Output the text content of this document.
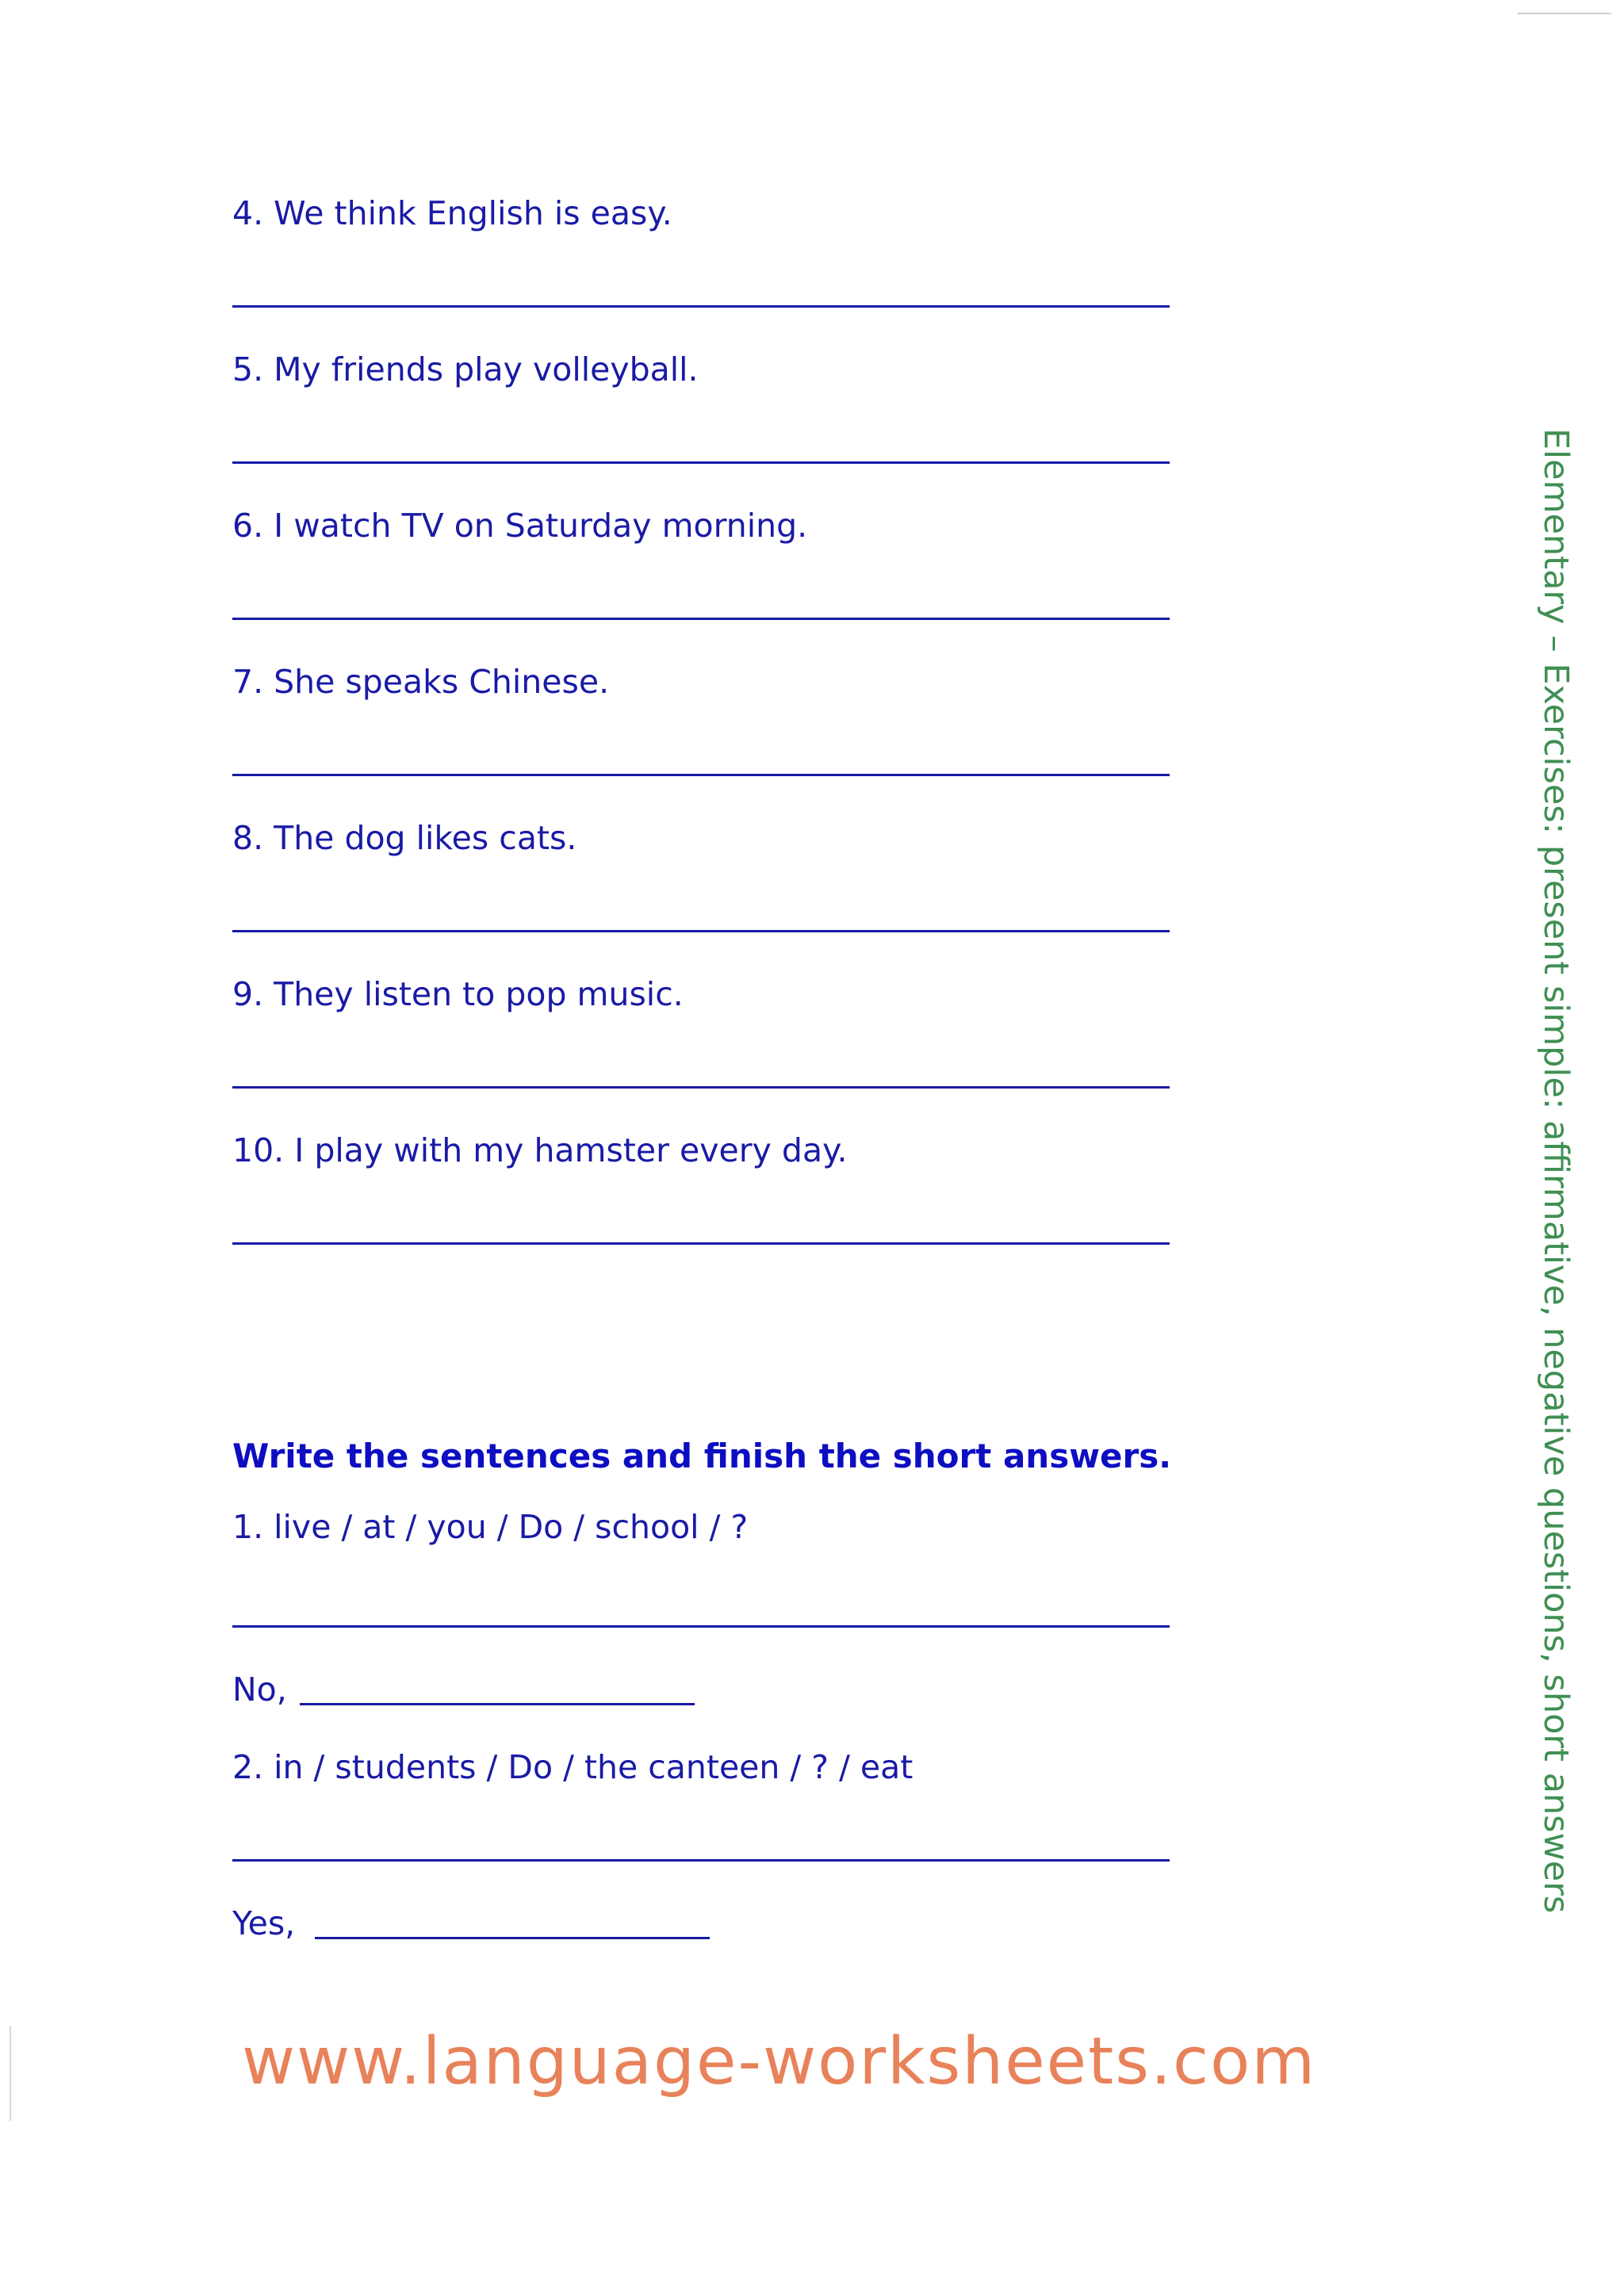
4. We think English is easy.
5. My friends play volleyball.
6. I watch TV on Saturday morning.
7. She speaks Chinese.
8. The dog likes cats.
9. They listen to pop music.
10. I play with my hamster every day.
Write the sentences and finish the short answers.
1. live / at / you / Do / school / ?
No,
2. in / students / Do / the canteen / ? / eat
Yes,
www.language-worksheets.com
Elementary – Exercises: present simple: affirmative, negative questions, short answers
